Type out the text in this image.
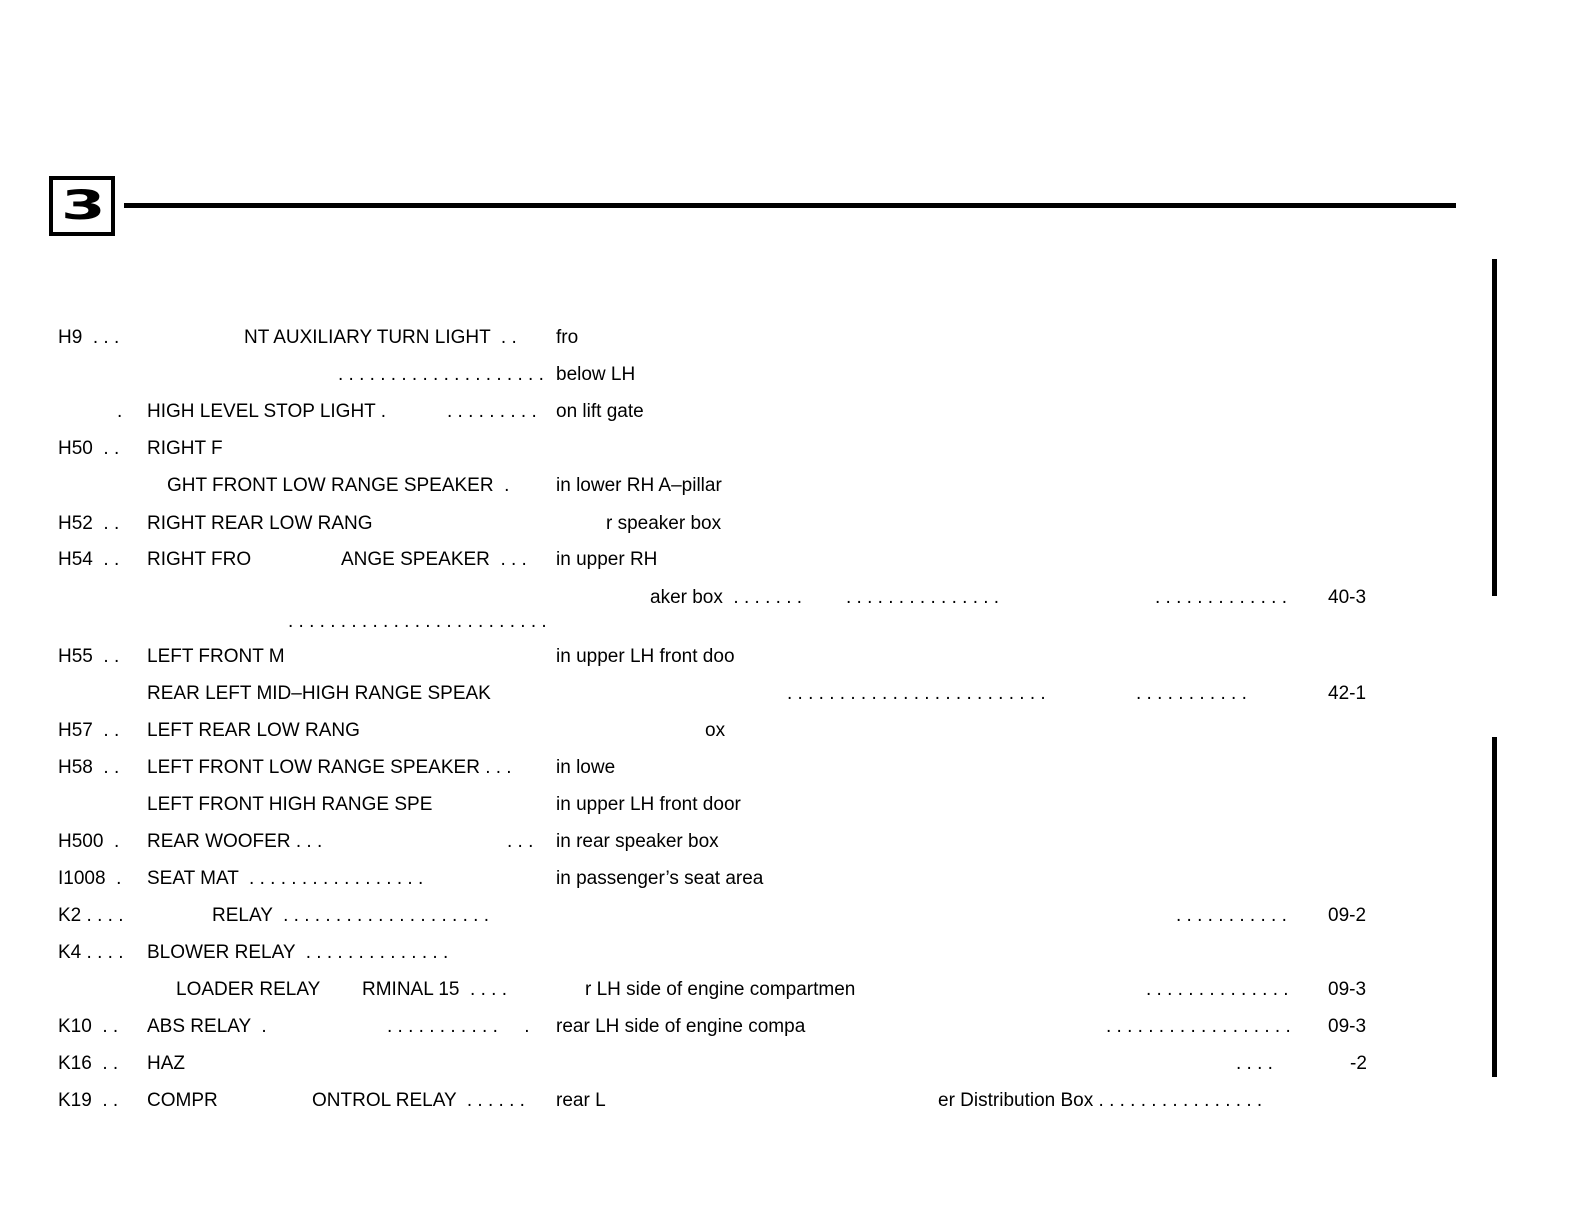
3
H9  . . .	NT AUXILIARY TURN LIGHT  . . fro
. . . . . . . . . . . . . . . . . . . . below LH
. HIGH LEVEL STOP LIGHT .	. . . . . . . . . on lift gate
H50  . . RIGHT F
GHT FRONT LOW RANGE SPEAKER  . in lower RH A–pillar
H52  . . RIGHT REAR LOW RANG	r speaker box
H54  . . RIGHT FRO	ANGE SPEAKER  . . . in upper RH
aker box  . . . . . . . . . . . . . . . . . . . . . .	. . . . . . . . . . . . . 40-3
. . . . . . . . . . . . . . . . . . . . . . . . .
H55  . . LEFT FRONT M	in upper LH front doo
REAR LEFT MID–HIGH RANGE SPEAK	. . . . . . . . . . . . . . . . . . . . . . . . .	. . . . . . . . . . .	42-1
H57  . . LEFT REAR LOW RANG	ox
H58  . . LEFT FRONT LOW RANGE SPEAKER . . . in lowe
LEFT FRONT HIGH RANGE SPE	in upper LH front door
H500  . REAR WOOFER . . .	. . . in rear speaker box
I1008  . SEAT MAT  . . . . . . . . . . . . . . . . .	in passenger’s seat area
K2 . . . .	RELAY  . . . . . . . . . . . . . . . . . . . .	. . . . . . . . . . . 09-2
K4 . . . . BLOWER RELAY  . . . . . . . . . . . . . .
LOADER RELAY RMINAL 15  . . . .	r LH side of engine compartmen	. . . . . . . . . . . . . . 09-3
K10  . . ABS RELAY  .	. . . . . . . . . . .     . rear LH side of engine compa	. . . . . . . . . . . . . . . . . . 09-3
K16  . . HAZ	. . . .	-2
K19  . . COMPR	ONTROL RELAY  . . . . . . rear L	er Distribution Box . . . . . . . . . . . . . . . .
